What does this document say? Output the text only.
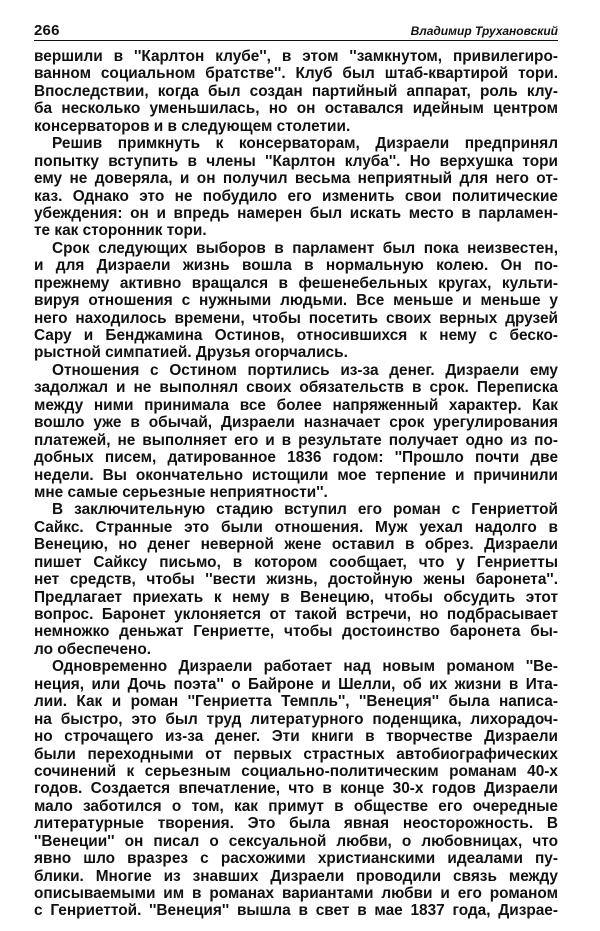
266	Владимир Трухановский
вершили в ''Карлтон клубе'', в этом ''замкнутом, привилегиро-
ванном социальном братстве''. Клуб был штаб-квартирой тори.
Впоследствии, когда был создан партийный аппарат, роль клу-
ба несколько уменьшилась, но он оставался идейным центром
консерваторов и в следующем столетии.
Решив примкнуть к консерваторам, Дизраели предпринял
попытку вступить в члены ''Карлтон клуба''. Но верхушка тори
ему не доверяла, и он получил весьма неприятный для него от-
каз. Однако это не побудило его изменить свои политические
убеждения: он и впредь намерен был искать место в парламен-
те как сторонник тори.
Срок следующих выборов в парламент был пока неизвестен,
и для Дизраели жизнь вошла в нормальную колею. Он по-
прежнему активно вращался в фешенебельных кругах, культи-
вируя отношения с нужными людьми. Все меньше и меньше у
него находилось времени, чтобы посетить своих верных друзей
Сару и Бенджамина Остинов, относившихся к нему с беско-
рыстной симпатией. Друзья огорчались.
Отношения с Остином портились из-за денег. Дизраели ему
задолжал и не выполнял своих обязательств в срок. Переписка
между ними принимала все более напряженный характер. Как
вошло уже в обычай, Дизраели назначает срок урегулирования
платежей, не выполняет его и в результате получает одно из по-
добных писем, датированное 1836 годом: ''Прошло почти две
недели. Вы окончательно истощили мое терпение и причинили
мне самые серьезные неприятности''.
В заключительную стадию вступил его роман с Генриеттой
Сайкс. Странные это были отношения. Муж уехал надолго в
Венецию, но денег неверной жене оставил в обрез. Дизраели
пишет Сайксу письмо, в котором сообщает, что у Генриетты
нет средств, чтобы ''вести жизнь, достойную жены баронета''.
Предлагает приехать к нему в Венецию, чтобы обсудить этот
вопрос. Баронет уклоняется от такой встречи, но подбрасывает
немножко деньжат Генриетте, чтобы достоинство баронета бы-
ло обеспечено.
Одновременно Дизраели работает над новым романом ''Ве-
неция, или Дочь поэта'' о Байроне и Шелли, об их жизни в Ита-
лии. Как и роман ''Генриетта Темпль'', ''Венеция'' была написа-
на быстро, это был труд литературного поденщика, лихорадоч-
но строчащего из-за денег. Эти книги в творчестве Дизраели
были переходными от первых страстных автобиографических
сочинений к серьезным социально-политическим романам 40-х
годов. Создается впечатление, что в конце 30-х годов Дизраели
мало заботился о том, как примут в обществе его очередные
литературные творения. Это была явная неосторожность. В
''Венеции'' он писал о сексуальной любви, о любовницах, что
явно шло вразрез с расхожими христианскими идеалами пу-
блики. Многие из знавших Дизраели проводили связь между
описываемыми им в романах вариантами любви и его романом
с Генриеттой. ''Венеция'' вышла в свет в мае 1837 года, Дизрае-
